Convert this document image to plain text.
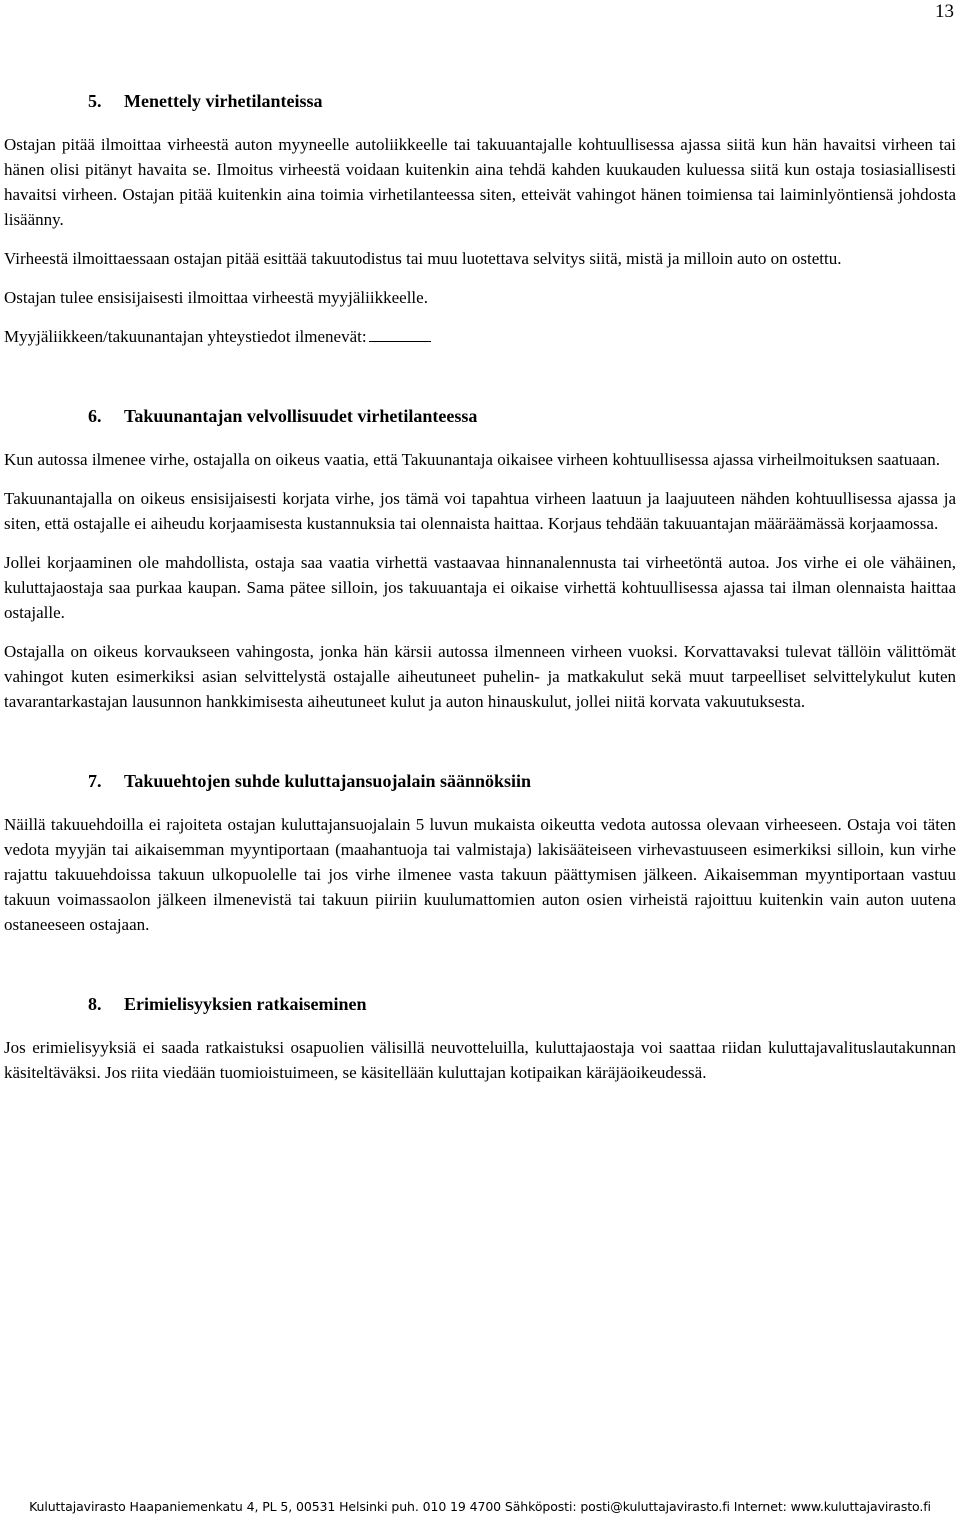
13
5. Menettely virhetilanteissa

Ostajan pitää ilmoittaa virheestä auton myyneelle autoliikkeelle tai takuuantajalle kohtuullisessa ajassa siitä kun hän havaitsi virheen tai hänen olisi pitänyt havaita se. Ilmoitus virheestä voidaan kuitenkin aina tehdä kahden kuukauden kuluessa siitä kun ostaja tosiasiallisesti havaitsi virheen. Ostajan pitää kuitenkin aina toimia virhetilanteessa siten, etteivät vahingot hänen toimiensa tai laiminlyöntiensä johdosta lisäänny.

Virheestä ilmoittaessaan ostajan pitää esittää takuutodistus tai muu luotettava selvitys siitä, mistä ja milloin auto on ostettu.

Ostajan tulee ensisijaisesti ilmoittaa virheestä myyjäliikkeelle.

Myyjäliikkeen/takuunantajan yhteystiedot ilmenevät:

6. Takuunantajan velvollisuudet virhetilanteessa

Kun autossa ilmenee virhe, ostajalla on oikeus vaatia, että Takuunantaja oikaisee virheen kohtuullisessa ajassa virheilmoituksen saatuaan.

Takuunantajalla on oikeus ensisijaisesti korjata virhe, jos tämä voi tapahtua virheen laatuun ja laajuuteen nähden kohtuullisessa ajassa ja siten, että ostajalle ei aiheudu korjaamisesta kustannuksia tai olennaista haittaa. Korjaus tehdään takuuantajan määräämässä korjaamossa.

Jollei korjaaminen ole mahdollista, ostaja saa vaatia virhettä vastaavaa hinnanalennusta tai virheetöntä autoa. Jos virhe ei ole vähäinen, kuluttajaostaja saa purkaa kaupan. Sama pätee silloin, jos takuuantaja ei oikaise virhettä kohtuullisessa ajassa tai ilman olennaista haittaa ostajalle.

Ostajalla on oikeus korvaukseen vahingosta, jonka hän kärsii autossa ilmenneen virheen vuoksi. Korvattavaksi tulevat tällöin välittömät vahingot kuten esimerkiksi asian selvittelystä ostajalle aiheutuneet puhelin- ja matkakulut sekä muut tarpeelliset selvittelykulut kuten tavarantarkastajan lausunnon hankkimisesta aiheutuneet kulut ja auton hinauskulut, jollei niitä korvata vakuutuksesta.

7. Takuuehtojen suhde kuluttajansuojalain säännöksiin

Näillä takuuehdoilla ei rajoiteta ostajan kuluttajansuojalain 5 luvun mukaista oikeutta vedota autossa olevaan virheeseen. Ostaja voi täten vedota myyjän tai aikaisemman myyntiportaan (maahantuoja tai valmistaja) lakisääteiseen virhevastuuseen esimerkiksi silloin, kun virhe rajattu takuuehdoissa takuun ulkopuolelle tai jos virhe ilmenee vasta takuun päättymisen jälkeen. Aikaisemman myyntiportaan vastuu takuun voimassaolon jälkeen ilmenevistä tai takuun piiriin kuulumattomien auton osien virheistä rajoittuu kuitenkin vain auton uutena ostaneeseen ostajaan.

8. Erimielisyyksien ratkaiseminen

Jos erimielisyyksiä ei saada ratkaistuksi osapuolien välisillä neuvotteluilla, kuluttajaostaja voi saattaa riidan kuluttajavalituslautakunnan käsiteltäväksi. Jos riita viedään tuomioistuimeen, se käsitellään kuluttajan kotipaikan käräjäoikeudessä.

Kuluttajavirasto Haapaniemenkatu 4, PL 5, 00531 Helsinki puh. 010 19 4700 Sähköposti: posti@kuluttajavirasto.fi Internet: www.kuluttajavirasto.fi
